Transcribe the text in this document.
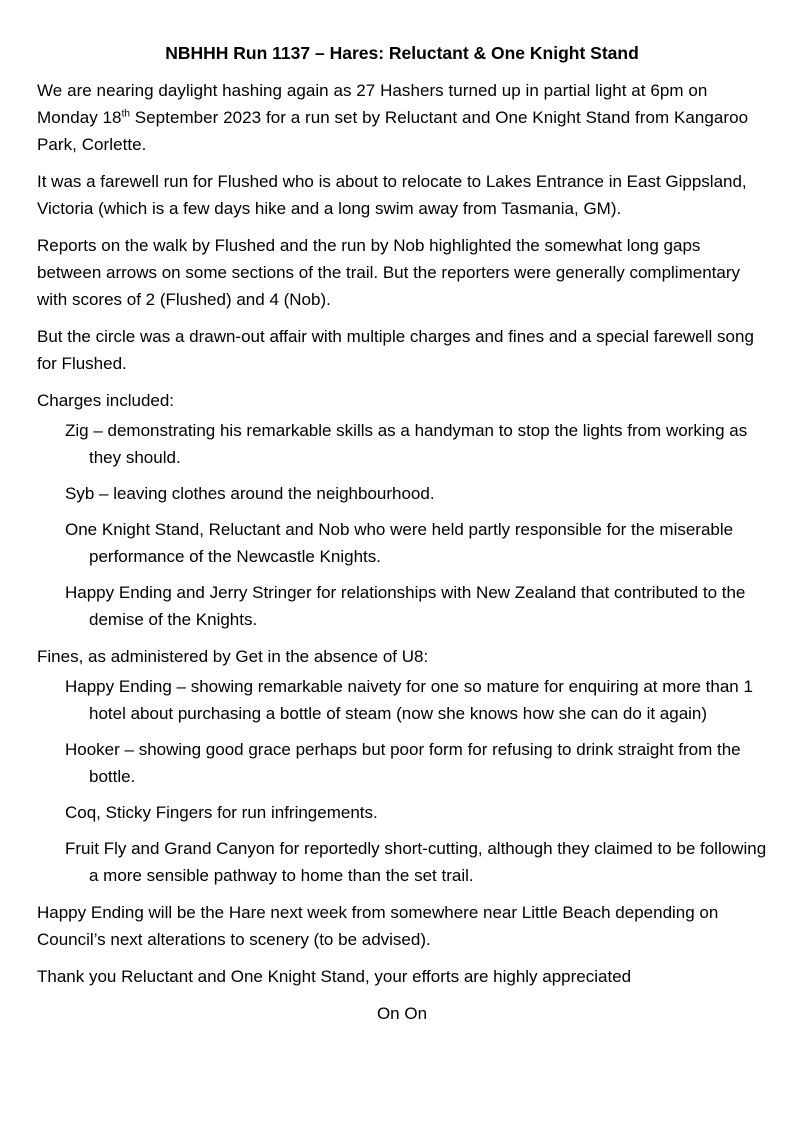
NBHHH Run 1137 – Hares: Reluctant & One Knight Stand

We are nearing daylight hashing again as 27 Hashers turned up in partial light at 6pm on Monday 18th September 2023 for a run set by Reluctant and One Knight Stand from Kangaroo Park, Corlette.

It was a farewell run for Flushed who is about to relocate to Lakes Entrance in East Gippsland, Victoria (which is a few days hike and a long swim away from Tasmania, GM).

Reports on the walk by Flushed and the run by Nob highlighted the somewhat long gaps between arrows on some sections of the trail. But the reporters were generally complimentary with scores of 2 (Flushed) and 4 (Nob).

But the circle was a drawn-out affair with multiple charges and fines and a special farewell song for Flushed.

Charges included:
Zig – demonstrating his remarkable skills as a handyman to stop the lights from working as they should.
Syb – leaving clothes around the neighbourhood.
One Knight Stand, Reluctant and Nob who were held partly responsible for the miserable performance of the Newcastle Knights.
Happy Ending and Jerry Stringer for relationships with New Zealand that contributed to the demise of the Knights.
Fines, as administered by Get in the absence of U8:
Happy Ending – showing remarkable naivety for one so mature for enquiring at more than 1 hotel about purchasing a bottle of steam (now she knows how she can do it again)
Hooker – showing good grace perhaps but poor form for refusing to drink straight from the bottle.
Coq, Sticky Fingers for run infringements.
Fruit Fly and Grand Canyon for reportedly short-cutting, although they claimed to be following a more sensible pathway to home than the set trail.

Happy Ending will be the Hare next week from somewhere near Little Beach depending on Council’s next alterations to scenery (to be advised).

Thank you Reluctant and One Knight Stand, your efforts are highly appreciated

On On
